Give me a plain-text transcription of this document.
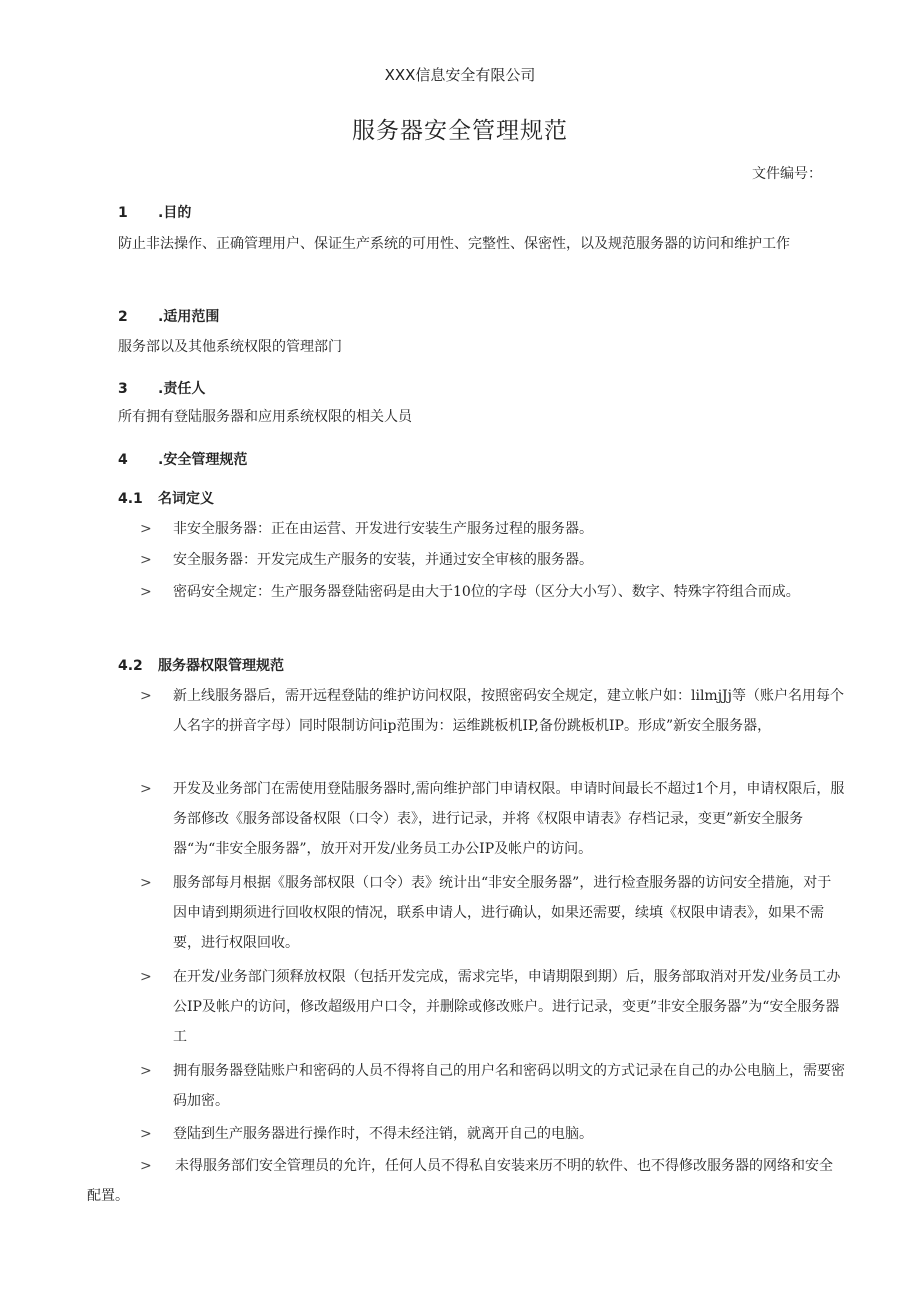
XXX信息安全有限公司
服务器安全管理规范
文件编号：
1 .目的
防止非法操作、正确管理用户、保证生产系统的可用性、完整性、保密性，以及规范服务器的访问和维护工作
2 .适用范围
服务部以及其他系统权限的管理部门
3 .责任人
所有拥有登陆服务器和应用系统权限的相关人员
4 .安全管理规范
4.1 名词定义
>	非安全服务器：正在由运营、开发进行安装生产服务过程的服务器。
>	安全服务器：开发完成生产服务的安装，并通过安全审核的服务器。
>	密码安全规定：生产服务器登陆密码是由大于10位的字母（区分大小写）、数字、特殊字符组合而成。
4.2 服务器权限管理规范
>	新上线服务器后，需开远程登陆的维护访问权限，按照密码安全规定，建立帐户如：lilmjJj等（账户名用每个人名字的拼音字母）同时限制访问ip范围为：运维跳板机IP,备份跳板机IP。形成”新安全服务器，
>	开发及业务部门在需使用登陆服务器时,需向维护部门申请权限。申请时间最长不超过1个月，申请权限后，服务部修改《服务部设备权限（口令）表》，进行记录，并将《权限申请表》存档记录，变更”新安全服务器“为“非安全服务器”，放开对开发/业务员工办公IP及帐户的访问。
>	服务部每月根据《服务部权限（口令）表》统计出“非安全服务器”，进行检查服务器的访问安全措施，对于因申请到期须进行回收权限的情况，联系申请人，进行确认，如果还需要，续填《权限申请表》，如果不需要，进行权限回收。
>	在开发/业务部门须释放权限（包括开发完成，需求完毕，申请期限到期）后，服务部取消对开发/业务员工办公IP及帐户的访问，修改超级用户口令，并删除或修改账户。进行记录，变更”非安全服务器”为“安全服务器工
>	拥有服务器登陆账户和密码的人员不得将自己的用户名和密码以明文的方式记录在自己的办公电脑上，需要密码加密。
>	登陆到生产服务器进行操作时，不得未经注销，就离开自己的电脑。
> 未得服务部们安全管理员的允许，任何人员不得私自安装来历不明的软件、也不得修改服务器的网络和安全配置。
